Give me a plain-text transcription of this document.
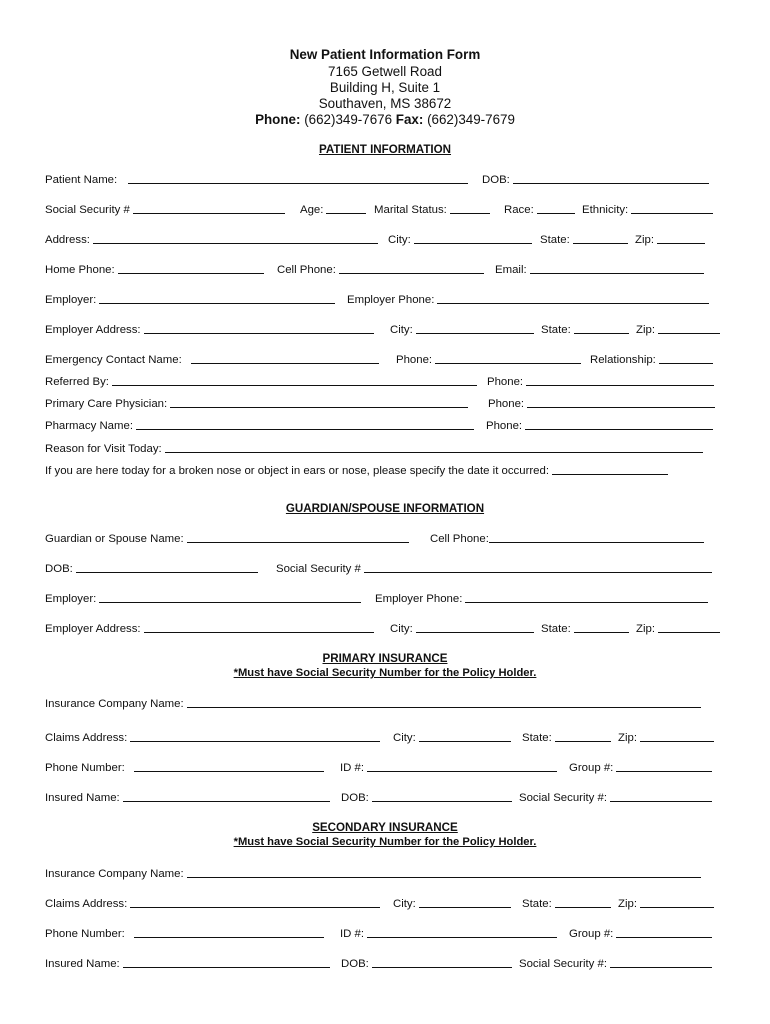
New Patient Information Form
7165 Getwell Road
Building H, Suite 1
Southaven, MS 38672
Phone: (662)349-7676 Fax: (662)349-7679
PATIENT INFORMATION
Patient Name:	DOB:
Social Security #	Age:	Marital Status:	Race:	Ethnicity:
Address:	City:	State:	Zip:
Home Phone:	Cell Phone:	Email:
Employer:	Employer Phone:
Employer Address:	City:	State:	Zip:
Emergency Contact Name:	Phone:	Relationship:
Referred By:	Phone:
Primary Care Physician:	Phone:
Pharmacy Name:	Phone:
Reason for Visit Today:
If you are here today for a broken nose or object in ears or nose, please specify the date it occurred:
GUARDIAN/SPOUSE INFORMATION
Guardian or Spouse Name:	Cell Phone:
DOB:	Social Security #
Employer:	Employer Phone:
Employer Address:	City:	State:	Zip:
PRIMARY INSURANCE
*Must have Social Security Number for the Policy Holder.
Insurance Company Name:
Claims Address:	City:	State:	Zip:
Phone Number:	ID #:	Group #:
Insured Name:	DOB:	Social Security #:
SECONDARY INSURANCE
*Must have Social Security Number for the Policy Holder.
Insurance Company Name:
Claims Address:	City:	State:	Zip:
Phone Number:	ID #:	Group #:
Insured Name:	DOB:	Social Security #:
